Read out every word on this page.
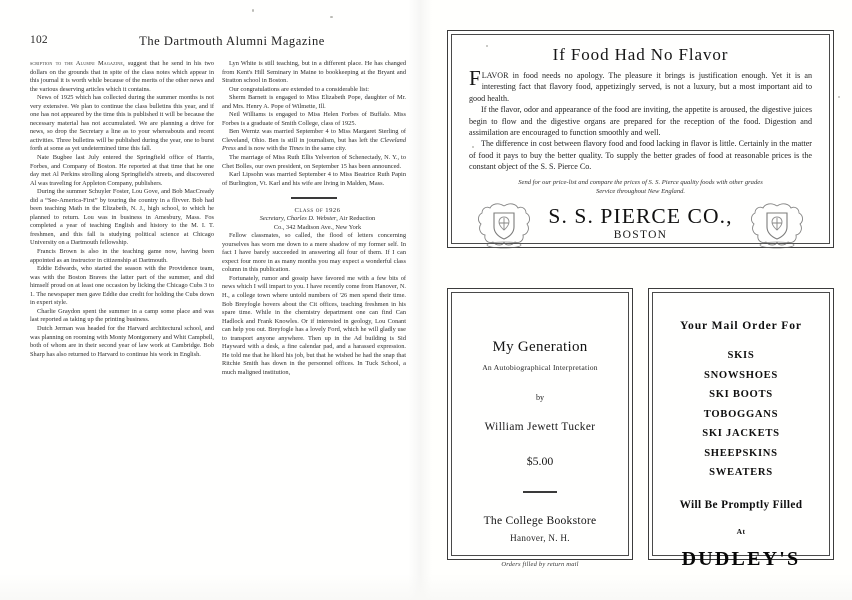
102	The Dartmouth Alumni Magazine

scription to the Alumni Magazine, suggest that he send in his two dollars on the grounds that in spite of the class notes which appear in this journal it is worth while because of the merits of the other news and the various deserving articles which it contains.

News of 1925 which has collected during the summer months is not very extensive. We plan to continue the class bulletins this year, and if one has not appeared by the time this is published it will be because the necessary material has not accumulated. We are planning a drive for news, so drop the Secretary a line as to your whereabouts and recent activities. Three bulletins will be published during the year, one to burst forth at some as yet undetermined time this fall.

Nate Bugbee last July entered the Springfield office of Harris, Forbes, and Company of Boston. He reported at that time that he one day met Al Perkins strolling along Springfield's streets, and discovered Al was traveling for Appleton Company, publishers.

During the summer Schuyler Foster, Lou Gove, and Bob MacCready did a “See-America-First” by touring the country in a flivver. Bob had been teaching Math in the Elizabeth, N. J., high school, to which he planned to return. Lou was in business in Amesbury, Mass. Fos completed a year of teaching English and history to the M. I. T. freshmen, and this fall is studying political science at Chicago University on a Dartmouth fellowship.

Francis Brown is also in the teaching game now, having been appointed as an instructor in citizenship at Dartmouth.

Eddie Edwards, who started the season with the Providence team, was with the Boston Braves the latter part of the summer, and did himself proud on at least one occasion by licking the Chicago Cubs 3 to 1. The newspaper men gave Eddie due credit for holding the Cubs down in expert style.

Charlie Graydon spent the summer in a camp some place and was last reported as taking up the printing business.

Dutch Jerman was headed for the Harvard architectural school, and was planning on rooming with Monty Montgomery and Whit Campbell, both of whom are in their second year of law work at Cambridge. Bob Sharp has also returned to Harvard to continue his work in English.

Lyn White is still teaching, but in a different place. He has changed from Kent's Hill Seminary in Maine to bookkeeping at the Bryant and Stratton school in Boston.

Our congratulations are extended to a considerable list:

Sherm Barnett is engaged to Miss Elizabeth Pope, daughter of Mr. and Mrs. Henry A. Pope of Wilmette, Ill.

Neil Williams is engaged to Miss Helen Forbes of Buffalo. Miss Forbes is a graduate of Smith College, class of 1925.

Ben Werntz was married September 4 to Miss Margaret Sterling of Cleveland, Ohio. Ben is still in journalism, but has left the Cleveland Press and is now with the Times in the same city.

The marriage of Miss Ruth Ellis Yelverton of Schenectady, N. Y., to Chet Bolles, our own president, on September 15 has been announced.

Karl Lipsohn was married September 4 to Miss Beatrice Ruth Papin of Burlington, Vt. Karl and his wife are living in Malden, Mass.

Class of 1926

Secretary, Charles D. Webster, Air Reduction

Co., 342 Madison Ave., New York

Fellow classmates, so called, the flood of letters concerning yourselves has worn me down to a mere shadow of my former self. In fact I have barely succeeded in answering all four of them. If I can expect four more in as many months you may expect a wonderful class column in this publication.

Fortunately, rumor and gossip have favored me with a few bits of news which I will impart to you. I have recently come from Hanover, N. H., a college town where untold numbers of '26 men spend their time. Bob Breyfogle hovers about the Cit offices, teaching freshmen in his spare time. While in the chemistry department one can find Can Hadlock and Frank Knowles. Or if interested in geology, Lou Conant can help you out. Breyfogle has a lovely Ford, which he will gladly use to transport anyone anywhere. Then up in the Ad building is Sid Hayward with a desk, a fine calendar pad, and a harassed expression. He told me that he liked his job, but that he wished he had the snap that Ritchie Smith has down in the personnel offices. In Tuck School, a much maligned institution,

If Food Had No Flavor

FLAVOR in food needs no apology. The pleasure it brings is justification enough. Yet it is an interesting fact that flavory food, appetizingly served, is not a luxury, but a most important aid to good health.

If the flavor, odor and appearance of the food are inviting, the appetite is aroused, the digestive juices begin to flow and the digestive organs are prepared for the reception of the food. Digestion and assimilation are encouraged to function smoothly and well.

The difference in cost between flavory food and food lacking in flavor is little. Certainly in the matter of food it pays to buy the better quality. To supply the better grades of food at reasonable prices is the constant object of the S. S. Pierce Co.

Send for our price-list and compare the prices of S. S. Pierce quality foods with other grades
Service throughout New England.
S. S. PIERCE CO.,
BOSTON
My Generation
An Autobiographical Interpretation
by
William Jewett Tucker
$5.00
The College Bookstore
Hanover, N. H.
Orders filled by return mail
Your Mail Order For
SKIS
SNOWSHOES
SKI BOOTS
TOBOGGANS
SKI JACKETS
SHEEPSKINS
SWEATERS
Will Be Promptly Filled
At
DUDLEY'S
